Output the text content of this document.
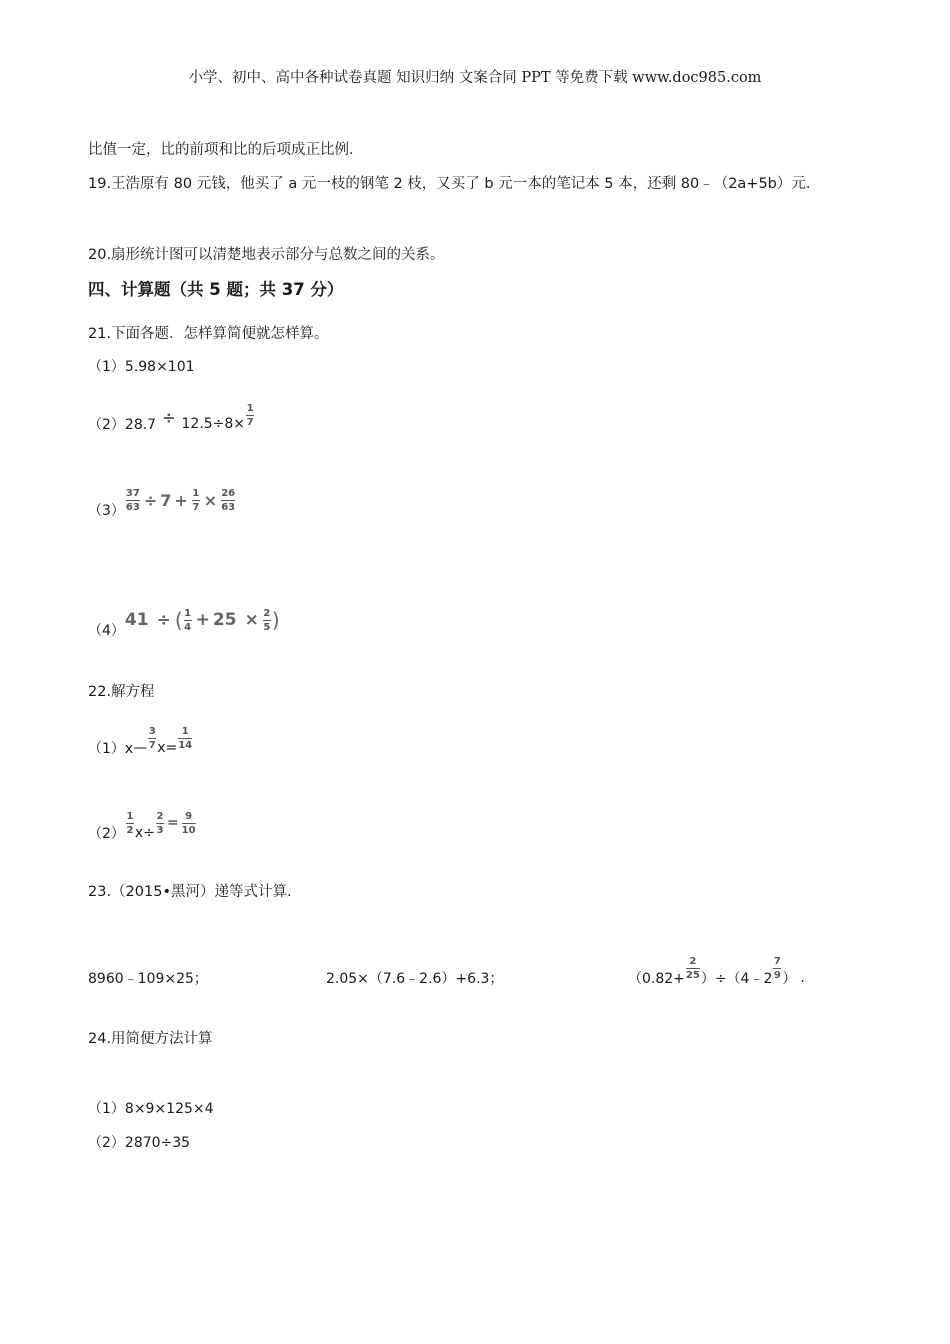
小学、初中、高中各种试卷真题 知识归纳 文案合同 PPT 等免费下载 www.doc985.com
比值一定，比的前项和比的后项成正比例．
19.王浩原有 80 元钱，他买了 a 元一枝的钢笔 2 枝，又买了 b 元一本的笔记本 5 本，还剩 80﹣（2a+5b）元．
20.扇形统计图可以清楚地表示部分与总数之间的关系。
四、计算题（共 5 题；共 37 分）
21.下面各题．怎样算简便就怎样算。
（1）5.98×101
$(2)28.7 \div 12.5\div 8\times \frac{1}{7}$
$(3) \frac{37}{63} \div 7 + \frac{1}{7} \times \frac{26}{63}$
（4）
41 ÷ ( $\frac{1}{4} + 25 \times \frac{2}{5}$ )
22.解方程
（1）x — $\frac{3}{7} x= \frac{1}{14}$
$(2) \frac{1}{2} x\div \frac{2}{3} = \frac{9}{10}$
23.（2015•黑河）递等式计算.
8960﹣109×25；	2.05×（7.6﹣2.6）+6.3；	（$0.82+ \frac{2}{25}$ ）÷（4﹣2 $\frac{7}{9}$ ） .
24.用简便方法计算
（1）8×9×125×4
（2）2870÷35
